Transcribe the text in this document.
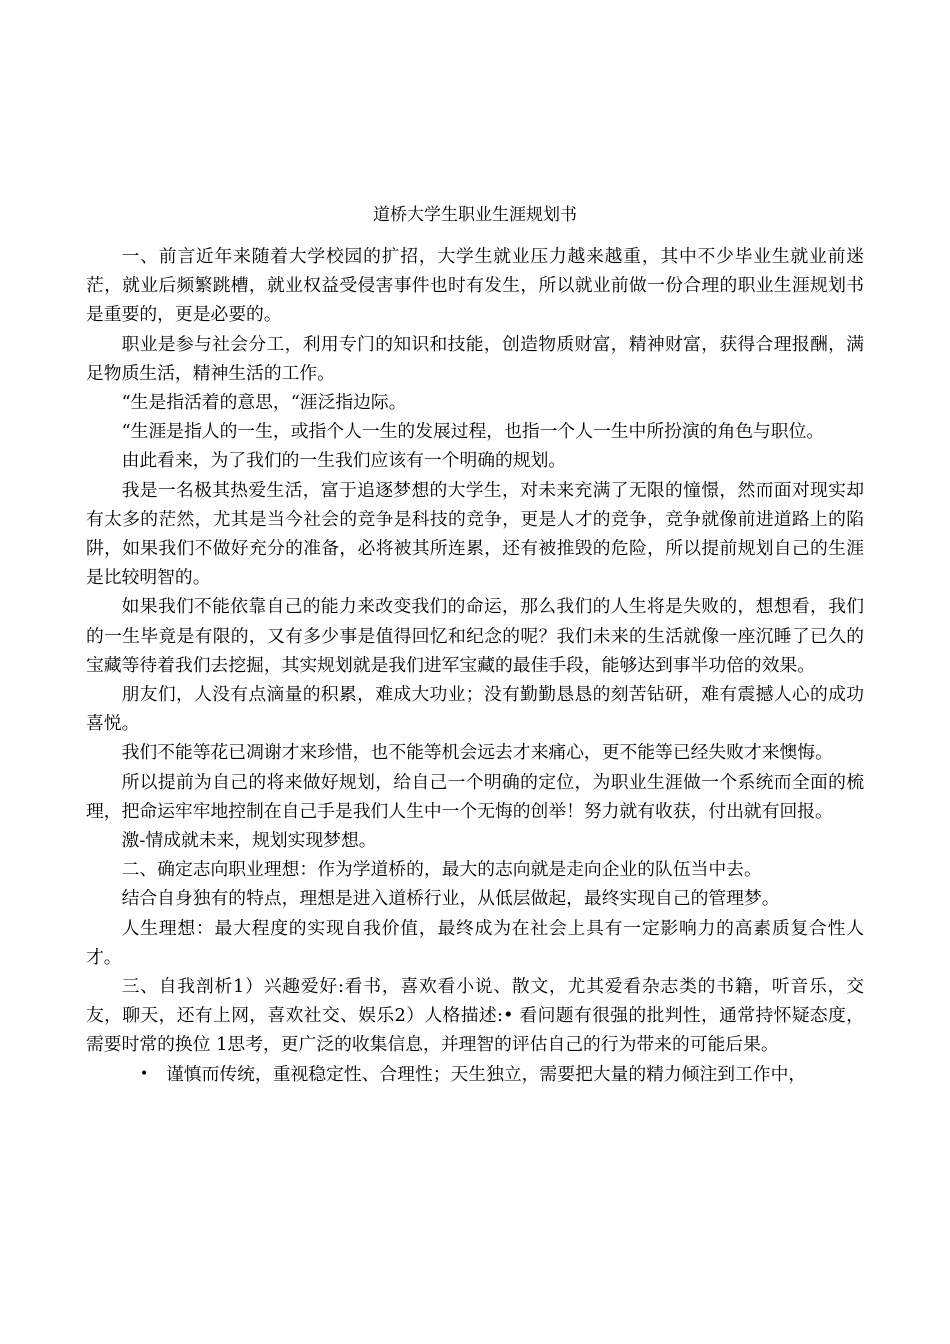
道桥大学生职业生涯规划书

一、前言近年来随着大学校园的扩招，大学生就业压力越来越重，其中不少毕业生就业前迷茫，就业后频繁跳槽，就业权益受侵害事件也时有发生，所以就业前做一份合理的职业生涯规划书是重要的，更是必要的。

职业是参与社会分工，利用专门的知识和技能，创造物质财富，精神财富，获得合理报酬，满足物质生活，精神生活的工作。

“生是指活着的意思，“涯泛指边际。

“生涯是指人的一生，或指个人一生的发展过程，也指一个人一生中所扮演的角色与职位。

由此看来，为了我们的一生我们应该有一个明确的规划。

我是一名极其热爱生活，富于追逐梦想的大学生，对未来充满了无限的憧憬，然而面对现实却有太多的茫然，尤其是当今社会的竞争是科技的竞争，更是人才的竞争，竞争就像前进道路上的陷阱，如果我们不做好充分的准备，必将被其所连累，还有被推毁的危险，所以提前规划自己的生涯是比较明智的。

如果我们不能依靠自己的能力来改变我们的命运，那么我们的人生将是失败的，想想看，我们的一生毕竟是有限的，又有多少事是值得回忆和纪念的呢？我们未来的生活就像一座沉睡了已久的宝藏等待着我们去挖掘，其实规划就是我们进军宝藏的最佳手段，能够达到事半功倍的效果。

朋友们，人没有点滴量的积累，难成大功业；没有勤勤恳恳的刻苦钻研，难有震撼人心的成功喜悦。

我们不能等花已凋谢才来珍惜，也不能等机会远去才来痛心，更不能等已经失败才来懊悔。

所以提前为自己的将来做好规划，给自己一个明确的定位，为职业生涯做一个系统而全面的梳理，把命运牢牢地控制在自己手是我们人生中一个无悔的创举！努力就有收获，付出就有回报。

激-情成就未来，规划实现梦想。

二、确定志向职业理想：作为学道桥的，最大的志向就是走向企业的队伍当中去。

结合自身独有的特点，理想是进入道桥行业，从低层做起，最终实现自己的管理梦。

人生理想：最大程度的实现自我价值，最终成为在社会上具有一定影响力的高素质复合性人才。

三、自我剖析1）兴趣爱好:看书，喜欢看小说、散文，尤其爱看杂志类的书籍，听音乐，交友，聊天，还有上网，喜欢社交、娱乐2）人格描述:• 看问题有很强的批判性，通常持怀疑态度，需要时常的换位 1思考，更广泛的收集信息，并理智的评估自己的行为带来的可能后果。

• 谨慎而传统，重视稳定性、合理性；天生独立，需要把大量的精力倾注到工作中，
